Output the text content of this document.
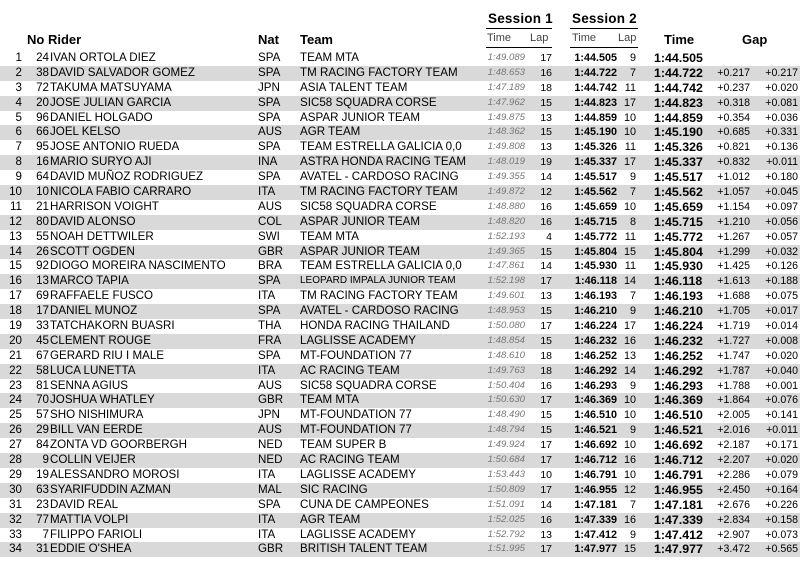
Session 1 Session 2
No Rider	Nat Team	Time Lap Time Lap Time	Gap
1	24 IVAN ORTOLA DIEZ	SPA TEAM MTA	1:49.089	17	1:44.505	9 1:44.505
2	38 DAVID SALVADOR GOMEZ	SPA TM RACING FACTORY TEAM	1:48.653	16	1:44.722	7 1:44.722	+0.217	+0.217
3	72 TAKUMA MATSUYAMA	JPN ASIA TALENT TEAM	1:47.189	18	1:44.742 11 1:44.742	+0.237	+0.020
4	20 JOSE JULIAN GARCIA	SPA SIC58 SQUADRA CORSE	1:47.962	15	1:44.823 17 1:44.823	+0.318	+0.081
5	96 DANIEL HOLGADO	SPA ASPAR JUNIOR TEAM	1:49.875	13	1:44.859 10 1:44.859	+0.354	+0.036
6	66 JOEL KELSO	AUS AGR TEAM	1:48.362	15	1:45.190 10 1:45.190	+0.685	+0.331
7	95 JOSE ANTONIO RUEDA	SPA TEAM ESTRELLA GALICIA 0,0	1:49.808	13	1:45.326 11 1:45.326	+0.821	+0.136
8	16 MARIO SURYO AJI	INA ASTRA HONDA RACING TEAM	1:48.019	19	1:45.337 17 1:45.337	+0.832	+0.011
9	64 DAVID MUÑOZ RODRIGUEZ	SPA AVATEL - CARDOSO RACING	1:49.355	14	1:45.517	9 1:45.517	+1.012	+0.180
10	10 NICOLA FABIO CARRARO	ITA TM RACING FACTORY TEAM	1:49.872	12	1:45.562	7 1:45.562	+1.057	+0.045
11	21 HARRISON VOIGHT	AUS SIC58 SQUADRA CORSE	1:48.880	16	1:45.659 10 1:45.659	+1.154	+0.097
12	80 DAVID ALONSO	COL ASPAR JUNIOR TEAM	1:48.820	16	1:45.715	8 1:45.715	+1.210	+0.056
13	55 NOAH DETTWILER	SWI TEAM MTA	1:52.193	4	1:45.772 11 1:45.772	+1.267	+0.057
14	26 SCOTT OGDEN	GBR ASPAR JUNIOR TEAM	1:49.365	15	1:45.804 15 1:45.804	+1.299	+0.032
15	92 DIOGO MOREIRA NASCIMENTO	BRA TEAM ESTRELLA GALICIA 0,0	1:47.861	14	1:45.930 11 1:45.930	+1.425	+0.126
16	13 MARCO TAPIA	SPA LEOPARD IMPALA JUNIOR TEAM	1:52.198	17	1:46.118 14 1:46.118	+1.613	+0.188
17	69 RAFFAELE FUSCO	ITA TM RACING FACTORY TEAM	1:49.601	13	1:46.193	7 1:46.193	+1.688	+0.075
18	17 DANIEL MUNOZ	SPA AVATEL - CARDOSO RACING	1:48.953	15	1:46.210	9 1:46.210	+1.705	+0.017
19	33 TATCHAKORN BUASRI	THA HONDA RACING THAILAND	1:50.080	17	1:46.224 17 1:46.224	+1.719	+0.014
20	45 CLEMENT ROUGE	FRA LAGLISSE ACADEMY	1:48.854	15	1:46.232 16 1:46.232	+1.727	+0.008
21	67 GERARD RIU I MALE	SPA MT-FOUNDATION 77	1:48.610	18	1:46.252 13 1:46.252	+1.747	+0.020
22	58 LUCA LUNETTA	ITA AC RACING TEAM	1:49.763	18	1:46.292 14 1:46.292	+1.787	+0.040
23	81 SENNA AGIUS	AUS SIC58 SQUADRA CORSE	1:50.404	16	1:46.293	9 1:46.293	+1.788	+0.001
24	70 JOSHUA WHATLEY	GBR TEAM MTA	1:50.630	17	1:46.369 10 1:46.369	+1.864	+0.076
25	57 SHO NISHIMURA	JPN MT-FOUNDATION 77	1:48.490	15	1:46.510 10 1:46.510	+2.005	+0.141
26	29 BILL VAN EERDE	AUS MT-FOUNDATION 77	1:48.794	15	1:46.521	9 1:46.521	+2.016	+0.011
27	84 ZONTA VD GOORBERGH	NED TEAM SUPER B	1:49.924	17	1:46.692 10 1:46.692	+2.187	+0.171
28	9 COLLIN VEIJER	NED AC RACING TEAM	1:50.684	17	1:46.712 16 1:46.712	+2.207	+0.020
29	19 ALESSANDRO MOROSI	ITA LAGLISSE ACADEMY	1:53.443	10	1:46.791 10 1:46.791	+2.286	+0.079
30	63 SYARIFUDDIN AZMAN	MAL SIC RACING	1:50.809	17	1:46.955 12 1:46.955	+2.450	+0.164
31	23 DAVID REAL	SPA CUNA DE CAMPEONES	1:51.091	14	1:47.181	7 1:47.181	+2.676	+0.226
32	77 MATTIA VOLPI	ITA AGR TEAM	1:52.025	16	1:47.339 16 1:47.339	+2.834	+0.158
33	7 FILIPPO FARIOLI	ITA LAGLISSE ACADEMY	1:52.792	13	1:47.412	9 1:47.412	+2.907	+0.073
34	31 EDDIE O'SHEA	GBR BRITISH TALENT TEAM	1:51.995	17	1:47.977 15 1:47.977	+3.472	+0.565
